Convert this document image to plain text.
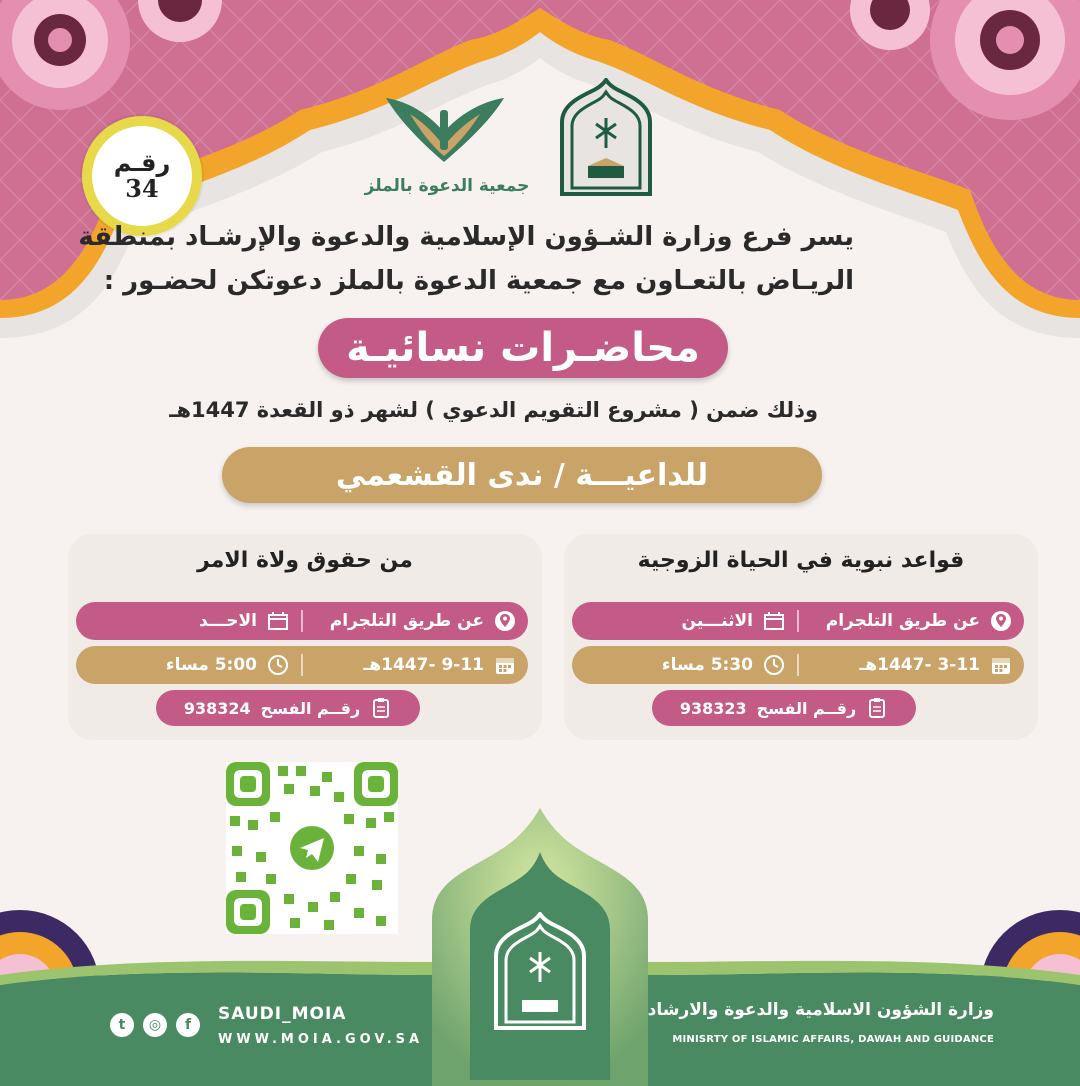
رقـم
34	جمعية الدعوة بالملز
يسر فرع وزارة الشـؤون الإسلامية والدعوة والإرشـاد بمنطقة
الريـاض بالتعـاون مع جمعية الدعوة بالملز دعوتكن لحضـور :
محاضـرات نسائيـة
وذلك ضمن ( مشروع التقويم الدعوي ) لشهر ذو القعدة 1447هـ
للداعيـــة / ندى القشعمي
قواعد نبوية في الحياة الزوجية
عن طريق التلجرام
الاثنـــين
3-11 -1447هـ
5:30 مساء
رقــم الفسح
938323
من حقوق ولاة الامر
عن طريق التلجرام
الاحـــد
9-11 -1447هـ
5:00 مساء
رقــم الفسح
938324
وزارة الشؤون الاسلامية والدعوة والارشاد
MINISRTY OF ISLAMIC AFFAIRS, DAWAH AND GUIDANCE
SAUDI_MOIA
WWW.MOIA.GOV.SA
t	◎	f
